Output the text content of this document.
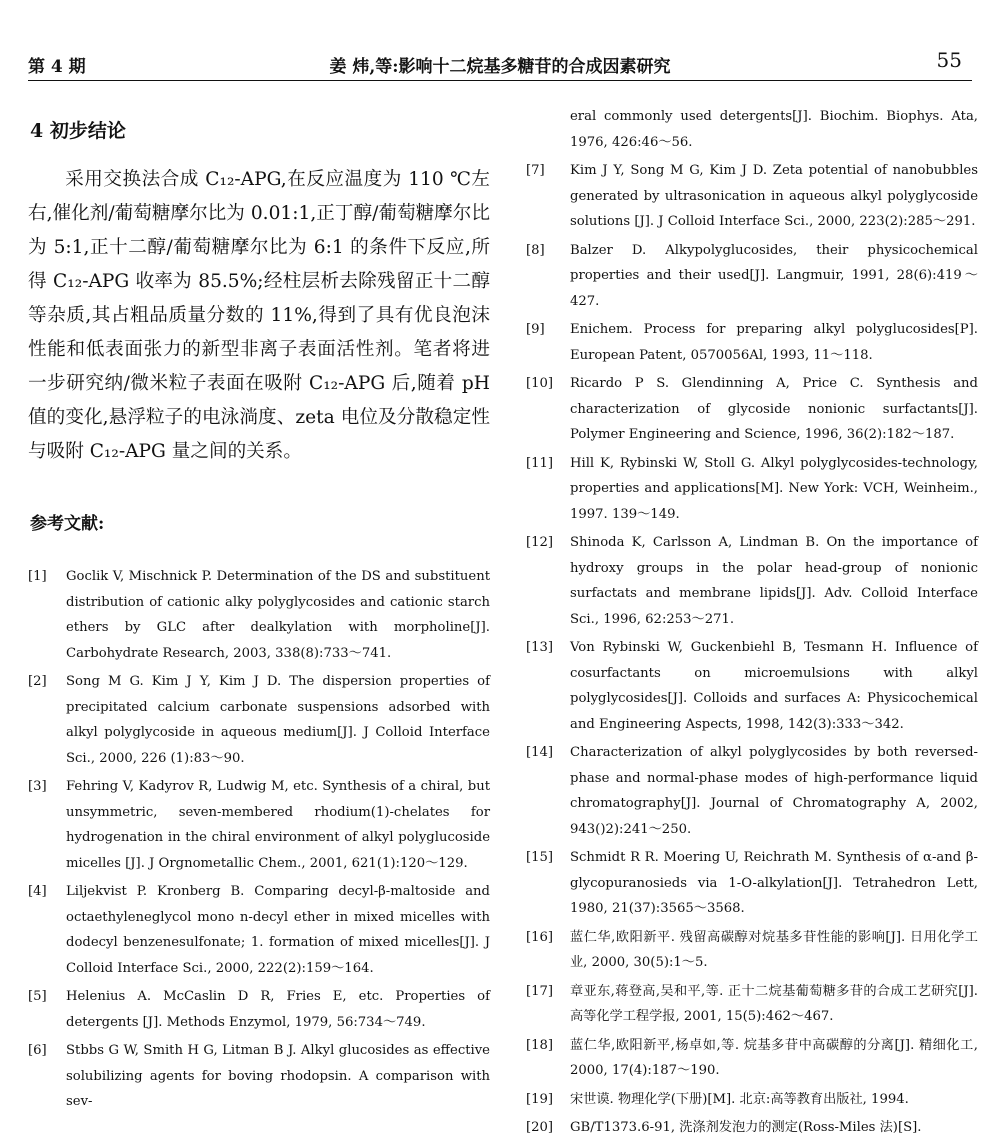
第 4 期	姜 炜,等:影响十二烷基多糖苷的合成因素研究	55
4 初步结论

采用交换法合成 C₁₂-APG,在反应温度为 110 ℃左右,催化剂/葡萄糖摩尔比为 0.01:1,正丁醇/葡萄糖摩尔比为 5:1,正十二醇/葡萄糖摩尔比为 6:1 的条件下反应,所得 C₁₂-APG 收率为 85.5%;经柱层析去除残留正十二醇等杂质,其占粗品质量分数的 11%,得到了具有优良泡沫性能和低表面张力的新型非离子表面活性剂。笔者将进一步研究纳/微米粒子表面在吸附 C₁₂-APG 后,随着 pH 值的变化,悬浮粒子的电泳淌度、zeta 电位及分散稳定性与吸附 C₁₂-APG 量之间的关系。

参考文献:
[1] Goclik V, Mischnick P. Determination of the DS and substituent distribution of cationic alky polyglycosides and cationic starch ethers by GLC after dealkylation with morpholine[J]. Carbohydrate Research, 2003, 338(8):733～741.
[2] Song M G. Kim J Y, Kim J D. The dispersion properties of precipitated calcium carbonate suspensions adsorbed with alkyl polyglycoside in aqueous medium[J]. J Colloid Interface Sci., 2000, 226 (1):83～90.
[3] Fehring V, Kadyrov R, Ludwig M, etc. Synthesis of a chiral, but unsymmetric, seven-membered rhodium(1)-chelates for hydrogenation in the chiral environment of alkyl polyglucoside micelles [J]. J Orgnometallic Chem., 2001, 621(1):120～129.
[4] Liljekvist P. Kronberg B. Comparing decyl-β-maltoside and octaethyleneglycol mono n-decyl ether in mixed micelles with dodecyl benzenesulfonate; 1. formation of mixed micelles[J]. J Colloid Interface Sci., 2000, 222(2):159～164.
[5] Helenius A. McCaslin D R, Fries E, etc. Properties of detergents [J]. Methods Enzymol, 1979, 56:734～749.
[6] Stbbs G W, Smith H G, Litman B J. Alkyl glucosides as effective solubilizing agents for boving rhodopsin. A comparison with sev-
eral commonly used detergents[J]. Biochim. Biophys. Ata, 1976, 426:46～56.
[7] Kim J Y, Song M G, Kim J D. Zeta potential of nanobubbles generated by ultrasonication in aqueous alkyl polyglycoside solutions [J]. J Colloid Interface Sci., 2000, 223(2):285～291.
[8] Balzer D. Alkypolyglucosides, their physicochemical properties and their used[J]. Langmuir, 1991, 28(6):419～427.
[9] Enichem. Process for preparing alkyl polyglucosides[P]. European Patent, 0570056Al, 1993, 11～118.
[10] Ricardo P S. Glendinning A, Price C. Synthesis and characterization of glycoside nonionic surfactants[J]. Polymer Engineering and Science, 1996, 36(2):182～187.
[11] Hill K, Rybinski W, Stoll G. Alkyl polyglycosides-technology, properties and applications[M]. New York: VCH, Weinheim., 1997. 139～149.
[12] Shinoda K, Carlsson A, Lindman B. On the importance of hydroxy groups in the polar head-group of nonionic surfactats and membrane lipids[J]. Adv. Colloid Interface Sci., 1996, 62:253～271.
[13] Von Rybinski W, Guckenbiehl B, Tesmann H. Influence of cosurfactants on microemulsions with alkyl polyglycosides[J]. Colloids and surfaces A: Physicochemical and Engineering Aspects, 1998, 142(3):333～342.
[14] Characterization of alkyl polyglycosides by both reversed-phase and normal-phase modes of high-performance liquid chromatography[J]. Journal of Chromatography A, 2002, 943()2):241～250.
[15] Schmidt R R. Moering U, Reichrath M. Synthesis of α-and β-glycopuranosieds via 1-O-alkylation[J]. Tetrahedron Lett, 1980, 21(37):3565～3568.
[16] 蓝仁华,欧阳新平. 残留高碳醇对烷基多苷性能的影响[J]. 日用化学工业, 2000, 30(5):1～5.
[17] 章亚东,蒋登高,吴和平,等. 正十二烷基葡萄糖多苷的合成工艺研究[J]. 高等化学工程学报, 2001, 15(5):462～467.
[18] 蓝仁华,欧阳新平,杨卓如,等. 烷基多苷中高碳醇的分离[J]. 精细化工, 2000, 17(4):187～190.
[19] 宋世谟. 物理化学(下册)[M]. 北京:高等教育出版社, 1994.
[20] GB/T1373.6-91, 洗涤剂发泡力的测定(Ross-Miles 法)[S].
